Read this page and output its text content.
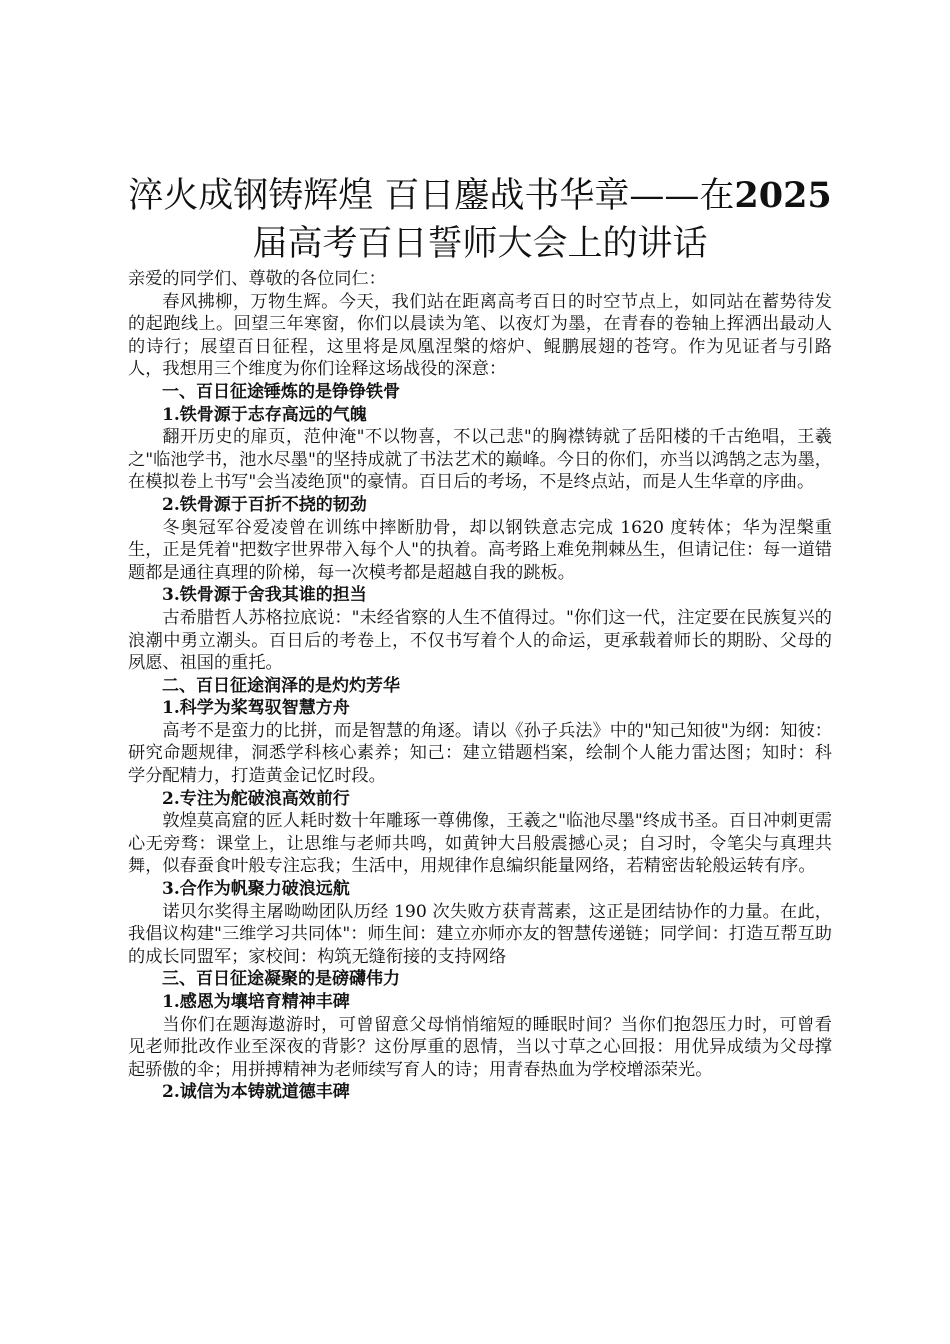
淬火成钢铸辉煌 百日鏖战书华章——在2025
届高考百日誓师大会上的讲话

亲爱的同学们、尊敬的各位同仁：

春风拂柳，万物生辉。今天，我们站在距离高考百日的时空节点上，如同站在蓄势待发的起跑线上。回望三年寒窗，你们以晨读为笔、以夜灯为墨，在青春的卷轴上挥洒出最动人的诗行；展望百日征程，这里将是凤凰涅槃的熔炉、鲲鹏展翅的苍穹。作为见证者与引路人，我想用三个维度为你们诠释这场战役的深意：

一、百日征途锤炼的是铮铮铁骨

1.铁骨源于志存高远的气魄

翻开历史的扉页，范仲淹"不以物喜，不以己悲"的胸襟铸就了岳阳楼的千古绝唱，王羲之"临池学书，池水尽墨"的坚持成就了书法艺术的巅峰。今日的你们，亦当以鸿鹄之志为墨，在模拟卷上书写"会当凌绝顶"的豪情。百日后的考场，不是终点站，而是人生华章的序曲。

2.铁骨源于百折不挠的韧劲

冬奥冠军谷爱凌曾在训练中摔断肋骨，却以钢铁意志完成 1620 度转体；华为涅槃重生，正是凭着"把数字世界带入每个人"的执着。高考路上难免荆棘丛生，但请记住：每一道错题都是通往真理的阶梯，每一次模考都是超越自我的跳板。

3.铁骨源于舍我其谁的担当

古希腊哲人苏格拉底说："未经省察的人生不值得过。"你们这一代，注定要在民族复兴的浪潮中勇立潮头。百日后的考卷上，不仅书写着个人的命运，更承载着师长的期盼、父母的夙愿、祖国的重托。

二、百日征途润泽的是灼灼芳华

1.科学为桨驾驭智慧方舟

高考不是蛮力的比拼，而是智慧的角逐。请以《孙子兵法》中的"知己知彼"为纲：知彼：研究命题规律，洞悉学科核心素养；知己：建立错题档案，绘制个人能力雷达图；知时：科学分配精力，打造黄金记忆时段。

2.专注为舵破浪高效前行

敦煌莫高窟的匠人耗时数十年雕琢一尊佛像，王羲之"临池尽墨"终成书圣。百日冲刺更需心无旁骛：课堂上，让思维与老师共鸣，如黄钟大吕般震撼心灵；自习时，令笔尖与真理共舞，似春蚕食叶般专注忘我；生活中，用规律作息编织能量网络，若精密齿轮般运转有序。

3.合作为帆聚力破浪远航

诺贝尔奖得主屠呦呦团队历经 190 次失败方获青蒿素，这正是团结协作的力量。在此，我倡议构建"三维学习共同体"：师生间：建立亦师亦友的智慧传递链；同学间：打造互帮互助的成长同盟军；家校间：构筑无缝衔接的支持网络

三、百日征途凝聚的是磅礴伟力

1.感恩为壤培育精神丰碑

当你们在题海遨游时，可曾留意父母悄悄缩短的睡眠时间？当你们抱怨压力时，可曾看见老师批改作业至深夜的背影？这份厚重的恩情，当以寸草之心回报：用优异成绩为父母撑起骄傲的伞；用拼搏精神为老师续写育人的诗；用青春热血为学校增添荣光。

2.诚信为本铸就道德丰碑
